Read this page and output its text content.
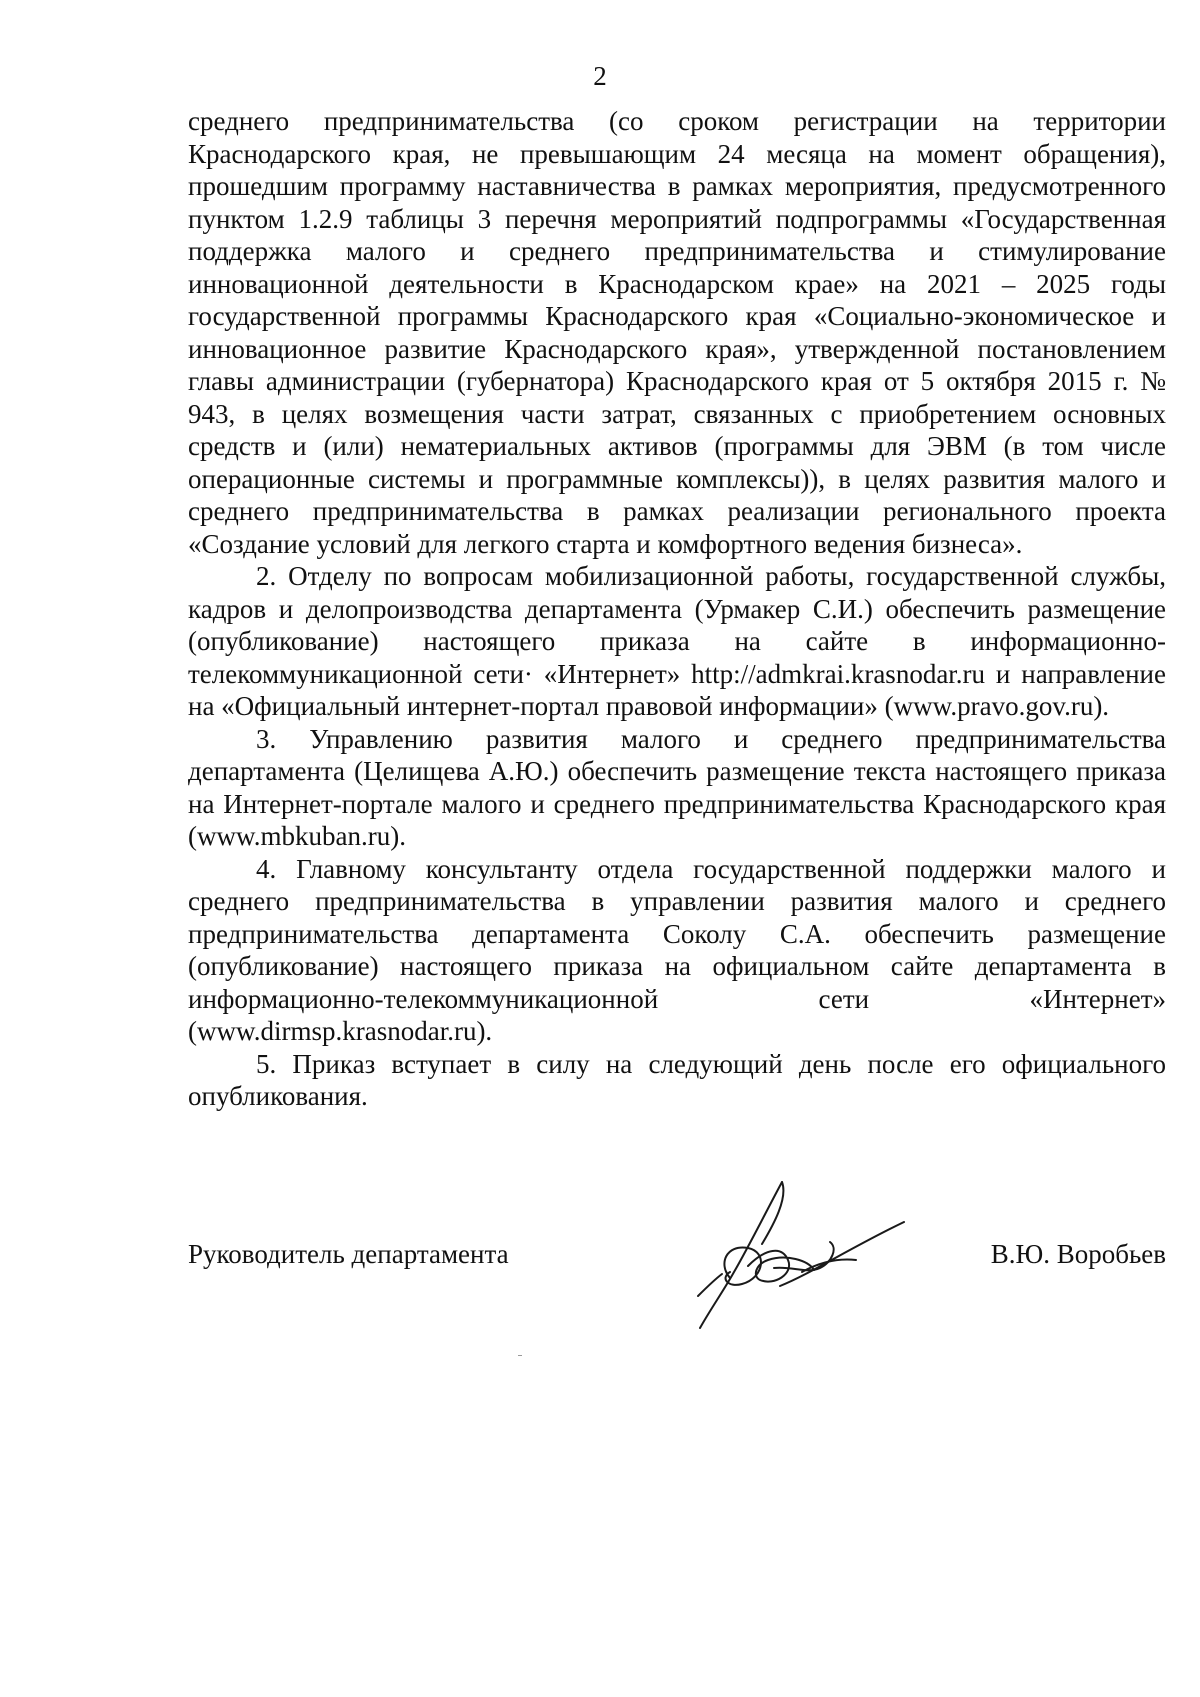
2

среднего предпринимательства (со сроком регистрации на территории Краснодарского края, не превышающим 24 месяца на момент обращения), прошедшим программу наставничества в рамках мероприятия, предусмотренного пунктом 1.2.9 таблицы 3 перечня мероприятий подпрограммы «Государственная поддержка малого и среднего предпринимательства и стимулирование инновационной деятельности в Краснодарском крае» на 2021 – 2025 годы государственной программы Краснодарского края «Социально-экономическое и инновационное развитие Краснодарского края», утвержденной постановлением главы администрации (губернатора) Краснодарского края от 5 октября 2015 г. № 943, в целях возмещения части затрат, связанных с приобретением основных средств и (или) нематериальных активов (программы для ЭВМ (в том числе операционные системы и программные комплексы)), в целях развития малого и среднего предпринимательства в рамках реализации регионального проекта «Создание условий для легкого старта и комфортного ведения бизнеса».

2. Отделу по вопросам мобилизационной работы, государственной службы, кадров и делопроизводства департамента (Урмакер С.И.) обеспечить размещение (опубликование) настоящего приказа на сайте в информационно-телекоммуникационной сети· «Интернет» http://admkrai.krasnodar.ru и направление на «Официальный интернет-портал правовой информации» (www.pravo.gov.ru).

3. Управлению развития малого и среднего предпринимательства департамента (Целищева А.Ю.) обеспечить размещение текста настоящего приказа на Интернет-портале малого и среднего предпринимательства Краснодарского края (www.mbkuban.ru).

4. Главному консультанту отдела государственной поддержки малого и среднего предпринимательства в управлении развития малого и среднего предпринимательства департамента Соколу С.А. обеспечить размещение (опубликование) настоящего приказа на официальном сайте департамента в информационно-телекоммуникационной сети «Интернет» (www.dirmsp.krasnodar.ru).

5. Приказ вступает в силу на следующий день после его официального опубликования.

Руководитель департамента	В.Ю. Воробьев
